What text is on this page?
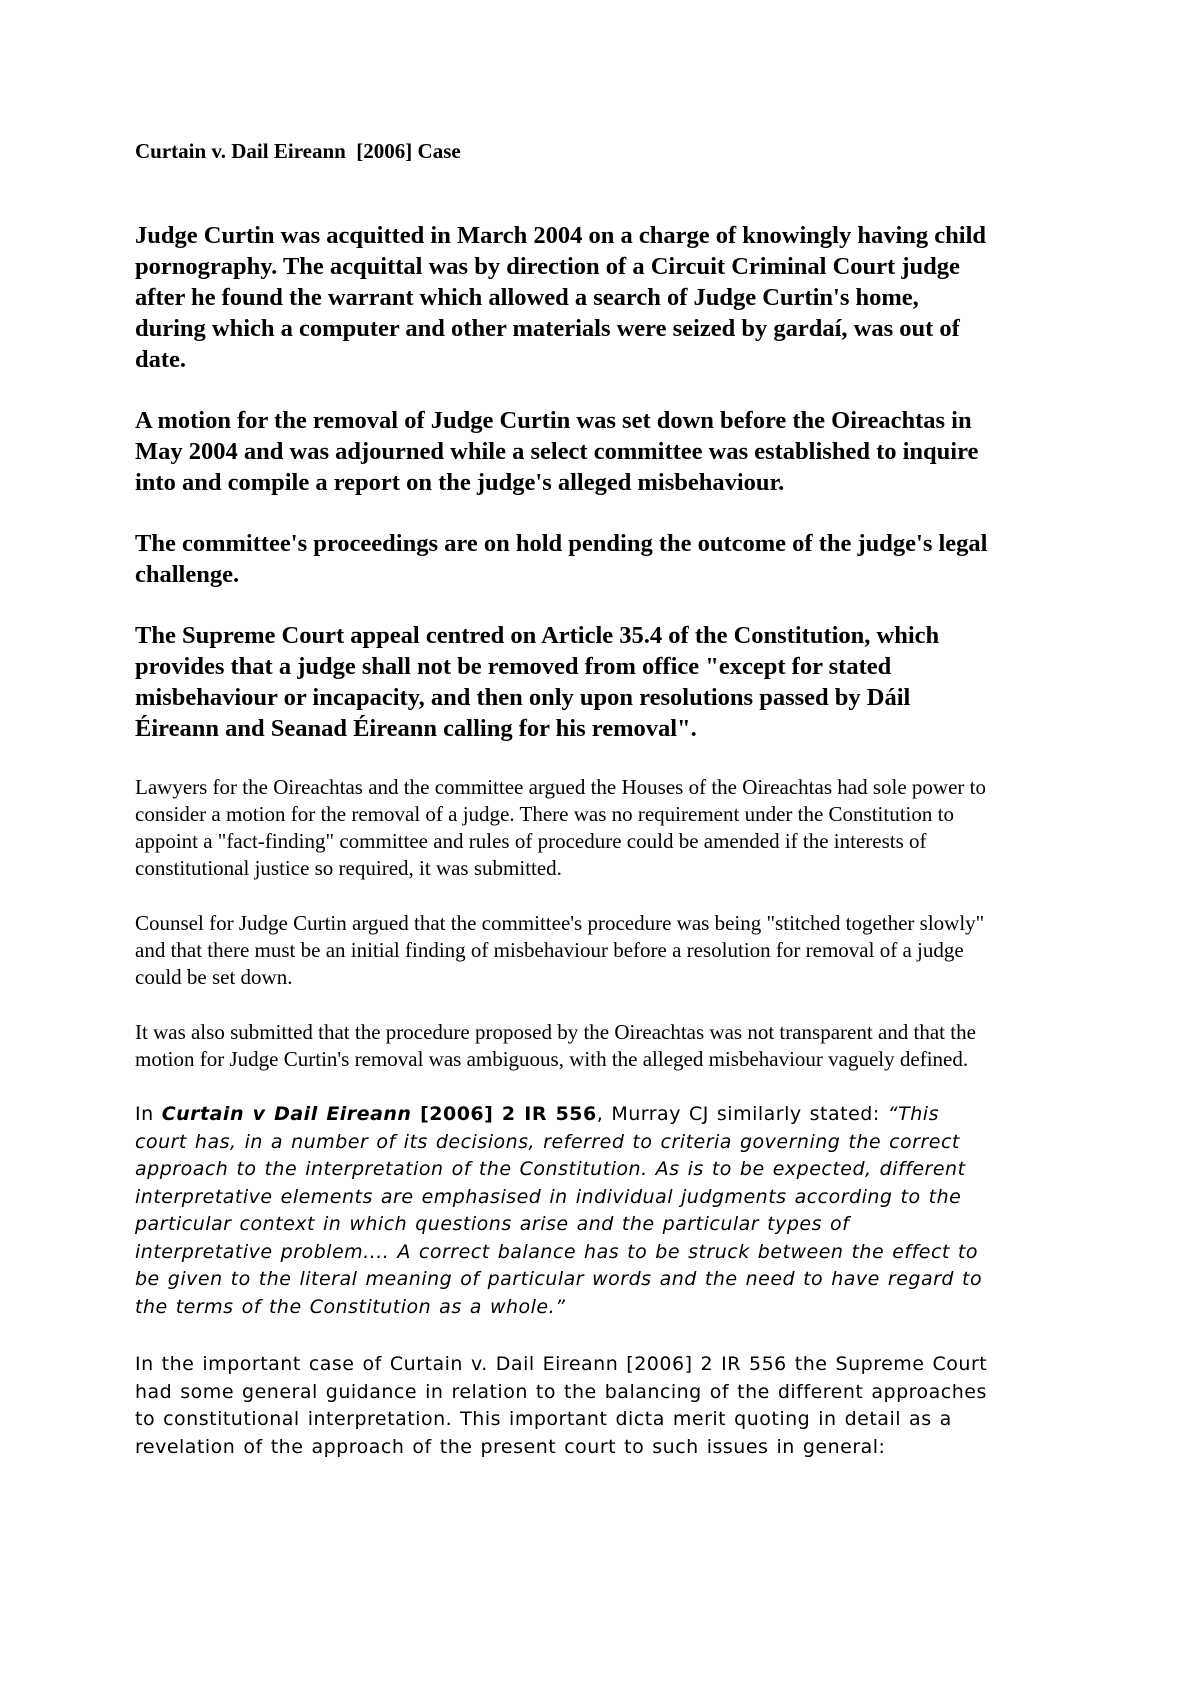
Curtain v. Dail Eireann  [2006] Case

Judge Curtin was acquitted in March 2004 on a charge of knowingly having child pornography. The acquittal was by direction of a Circuit Criminal Court judge after he found the warrant which allowed a search of Judge Curtin's home, during which a computer and other materials were seized by gardaí, was out of date.

A motion for the removal of Judge Curtin was set down before the Oireachtas in May 2004 and was adjourned while a select committee was established to inquire into and compile a report on the judge's alleged misbehaviour.

The committee's proceedings are on hold pending the outcome of the judge's legal challenge.

The Supreme Court appeal centred on Article 35.4 of the Constitution, which provides that a judge shall not be removed from office "except for stated misbehaviour or incapacity, and then only upon resolutions passed by Dáil Éireann and Seanad Éireann calling for his removal".

Lawyers for the Oireachtas and the committee argued the Houses of the Oireachtas had sole power to consider a motion for the removal of a judge. There was no requirement under the Constitution to appoint a "fact-finding" committee and rules of procedure could be amended if the interests of constitutional justice so required, it was submitted.

Counsel for Judge Curtin argued that the committee's procedure was being "stitched together slowly" and that there must be an initial finding of misbehaviour before a resolution for removal of a judge could be set down.

It was also submitted that the procedure proposed by the Oireachtas was not transparent and that the motion for Judge Curtin's removal was ambiguous, with the alleged misbehaviour vaguely defined.

In Curtain v Dail Eireann [2006] 2 IR 556, Murray CJ similarly stated: “This court has, in a number of its decisions, referred to criteria governing the correct approach to the interpretation of the Constitution. As is to be expected, different interpretative elements are emphasised in individual judgments according to the particular context in which questions arise and the particular types of interpretative problem.... A correct balance has to be struck between the effect to be given to the literal meaning of particular words and the need to have regard to the terms of the Constitution as a whole.”

In the important case of Curtain v. Dail Eireann [2006] 2 IR 556 the Supreme Court had some general guidance in relation to the balancing of the different approaches to constitutional interpretation. This important dicta merit quoting in detail as a revelation of the approach of the present court to such issues in general:
